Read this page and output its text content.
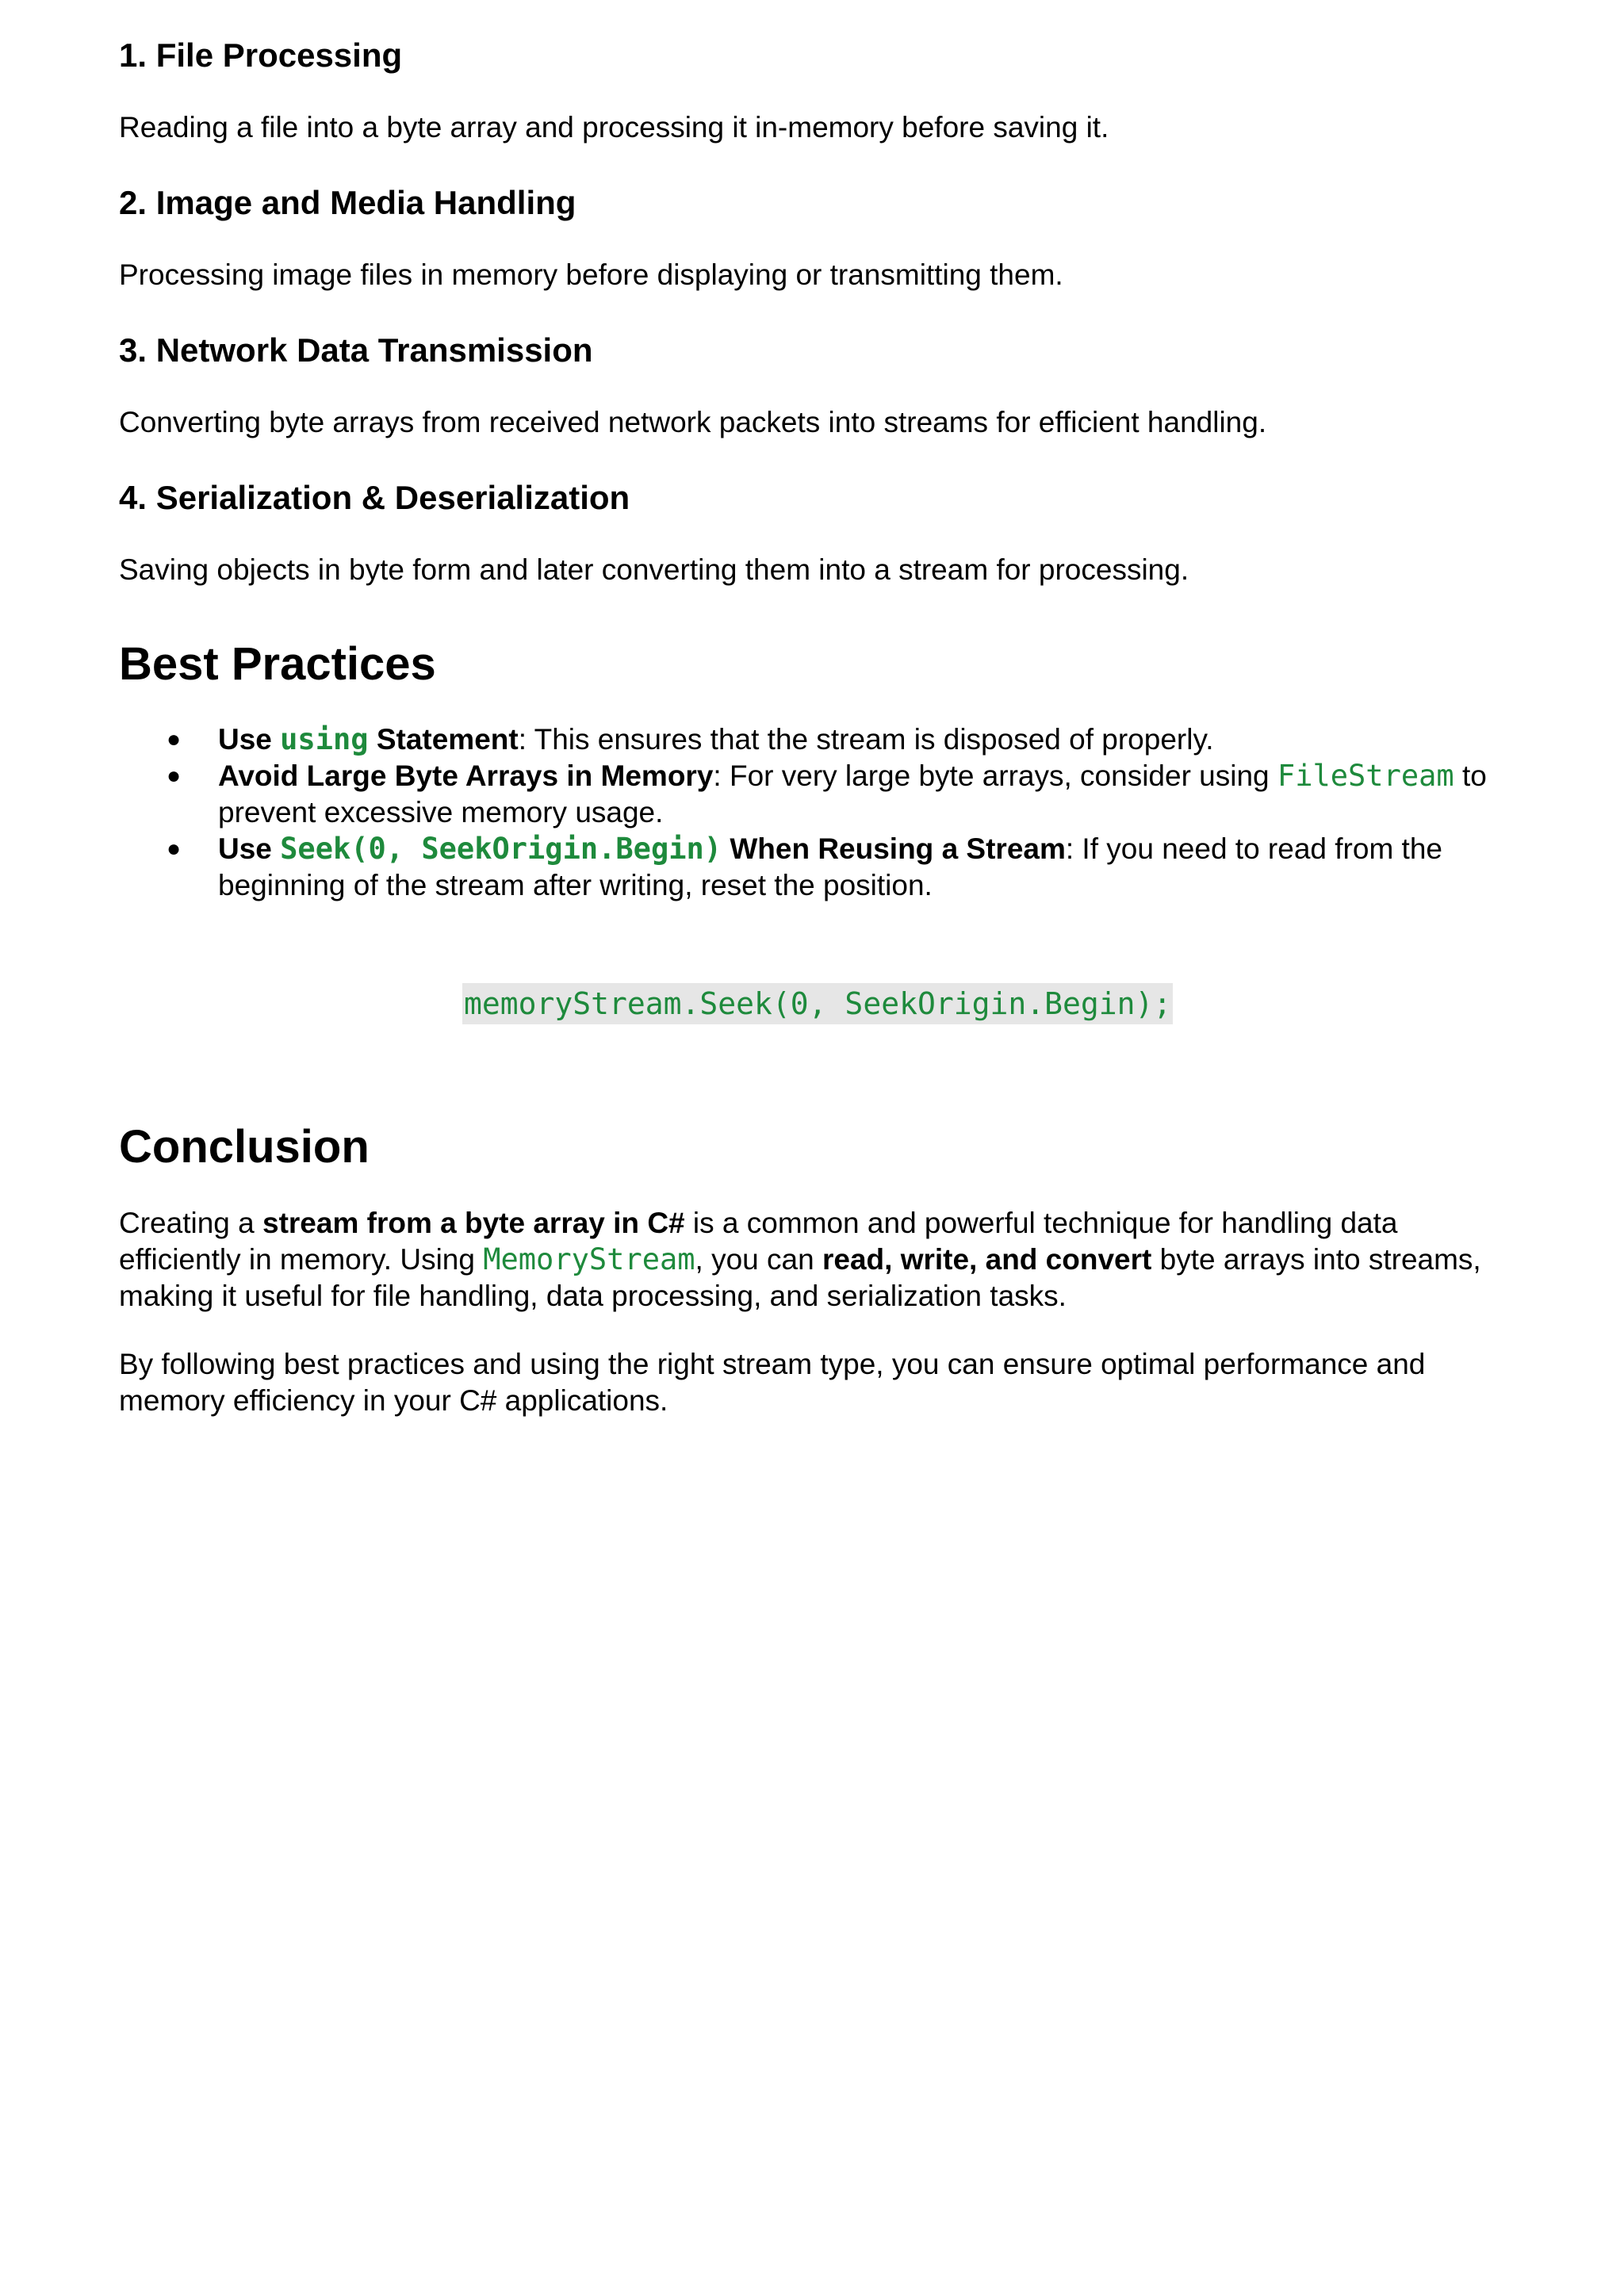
1. File Processing

Reading a file into a byte array and processing it in-memory before saving it.

2. Image and Media Handling

Processing image files in memory before displaying or transmitting them.

3. Network Data Transmission

Converting byte arrays from received network packets into streams for efficient handling.

4. Serialization & Deserialization

Saving objects in byte form and later converting them into a stream for processing.

Best Practices
● Use using Statement: This ensures that the stream is disposed of properly.
● Avoid Large Byte Arrays in Memory: For very large byte arrays, consider using FileStream to prevent excessive memory usage.
● Use Seek(0, SeekOrigin.Begin) When Reusing a Stream: If you need to read from the beginning of the stream after writing, reset the position.
memoryStream.Seek(0, SeekOrigin.Begin);
Conclusion

Creating a stream from a byte array in C# is a common and powerful technique for handling data efficiently in memory. Using MemoryStream, you can read, write, and convert byte arrays into streams, making it useful for file handling, data processing, and serialization tasks.

By following best practices and using the right stream type, you can ensure optimal performance and memory efficiency in your C# applications.
